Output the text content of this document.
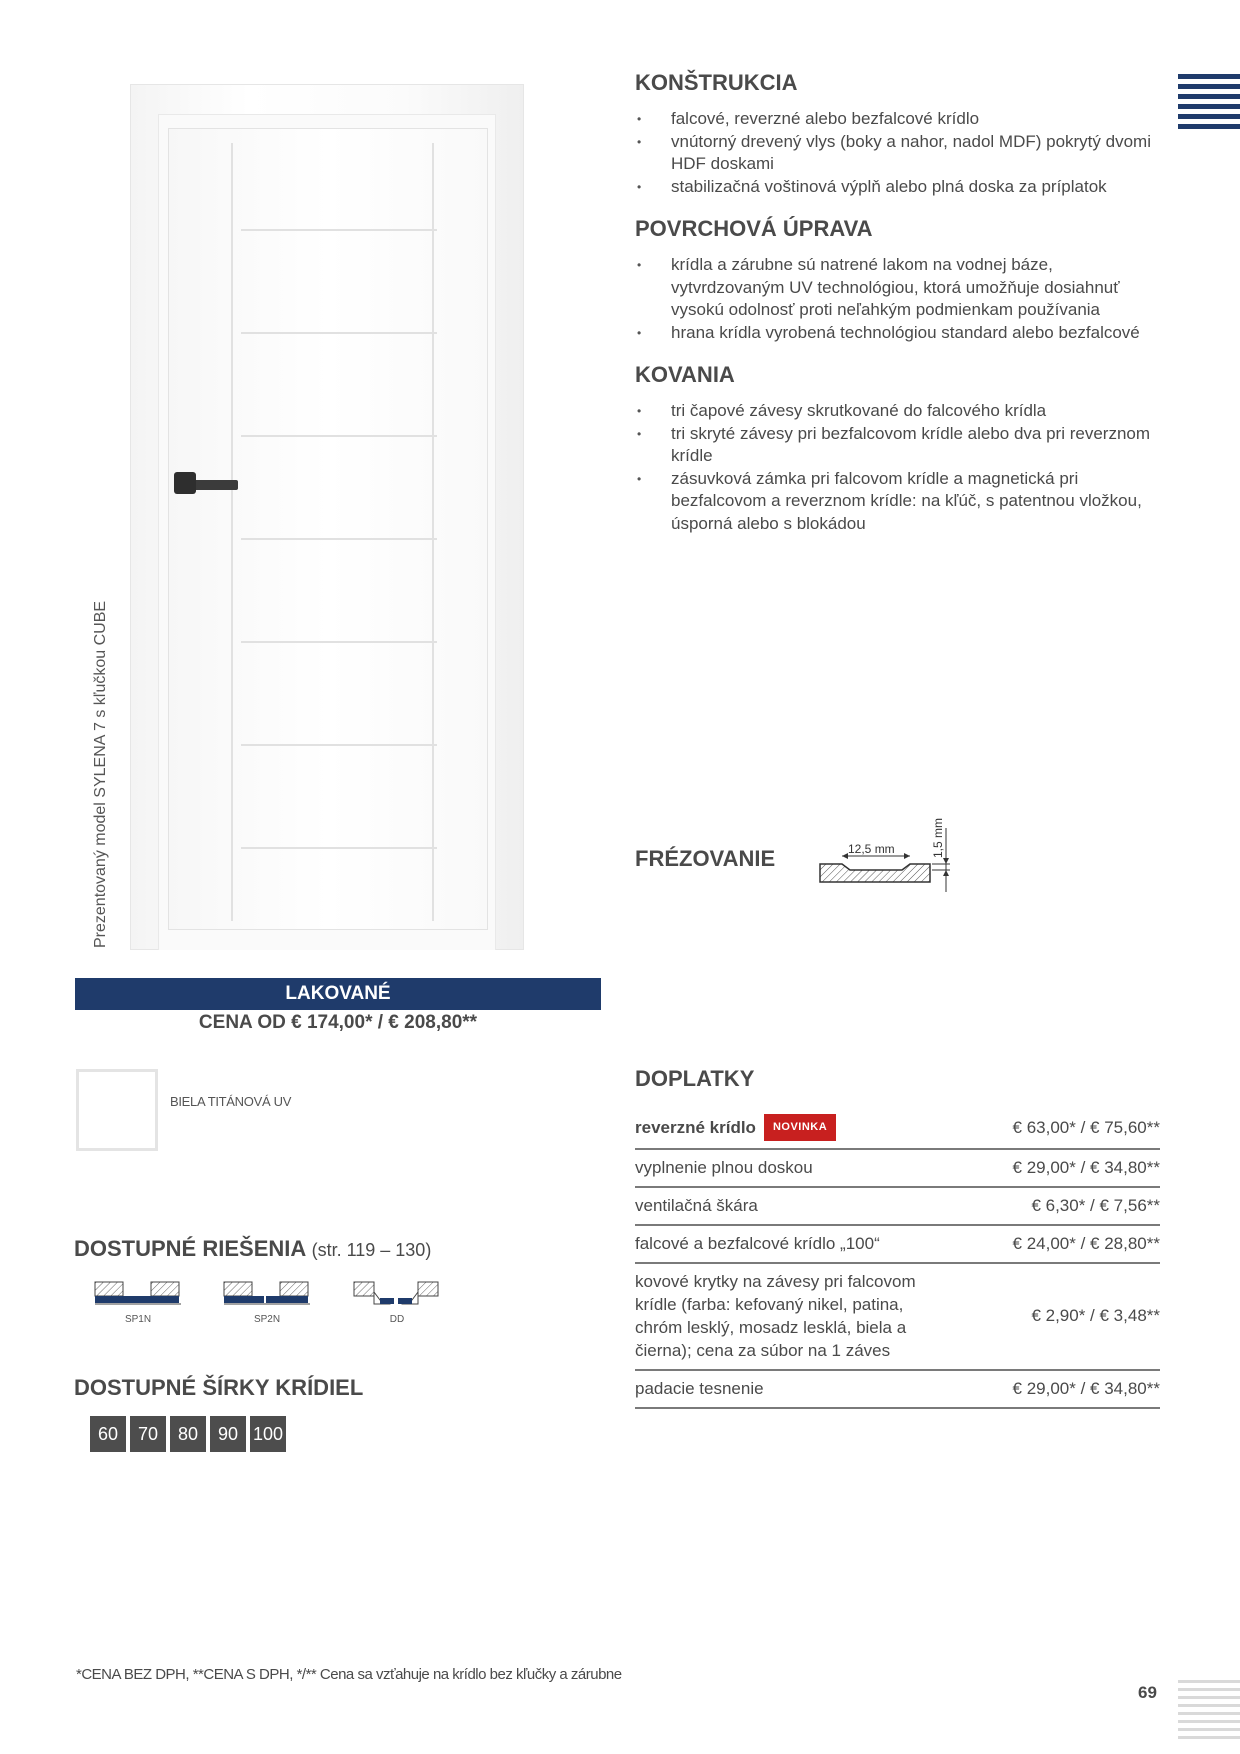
Prezentovaný model SYLENA 7 s kľučkou CUBE
LAKOVANÉ
CENA OD € 174,00* / € 208,80**
BIELA TITÁNOVÁ UV
DOSTUPNÉ RIEŠENIA (str. 119 – 130)
SP1N	SP2N	DD
DOSTUPNÉ ŠÍRKY KRÍDIEL
60	70	80	90 100
KONŠTRUKCIA
• falcové, reverzné alebo bezfalcové krídlo
• vnútorný drevený vlys (boky a nahor, nadol MDF) pokrytý dvomi HDF doskami
• stabilizačná voštinová výplň alebo plná doska za príplatok
POVRCHOVÁ ÚPRAVA
• krídla a zárubne sú natrené lakom na vodnej báze, vytvrdzovaným UV technológiou, ktorá umožňuje dosiahnuť vysokú odolnosť proti neľahkým podmienkam používania
• hrana krídla vyrobená technológiou standard alebo bezfalcové
KOVANIA
• tri čapové závesy skrutkované do falcového krídla
• tri skryté závesy pri bezfalcovom krídle alebo dva pri reverznom krídle
• zásuvková zámka pri falcovom krídle a magnetická pri bezfalcovom a reverznom krídle: na kľúč, s patentnou vložkou, úsporná alebo s blokádou
FRÉZOVANIE	12,5 mm	1,5 mm
DOPLATKY
reverzné krídlo	NOVINKA	€ 63,00* / € 75,60**
vyplnenie plnou doskou	€ 29,00* / € 34,80**
ventilačná škára	€ 6,30* / € 7,56**
falcové a bezfalcové krídlo „100“	€ 24,00* / € 28,80**
kovové krytky na závesy pri falcovom krídle (farba: kefovaný nikel, patina, chróm lesklý, mosadz lesklá, biela a čierna); cena za súbor na 1 záves
€ 2,90* / € 3,48**
padacie tesnenie	€ 29,00* / € 34,80**
*CENA BEZ DPH, **CENA S DPH, */** Cena sa vzťahuje na krídlo bez kľučky a zárubne
69
